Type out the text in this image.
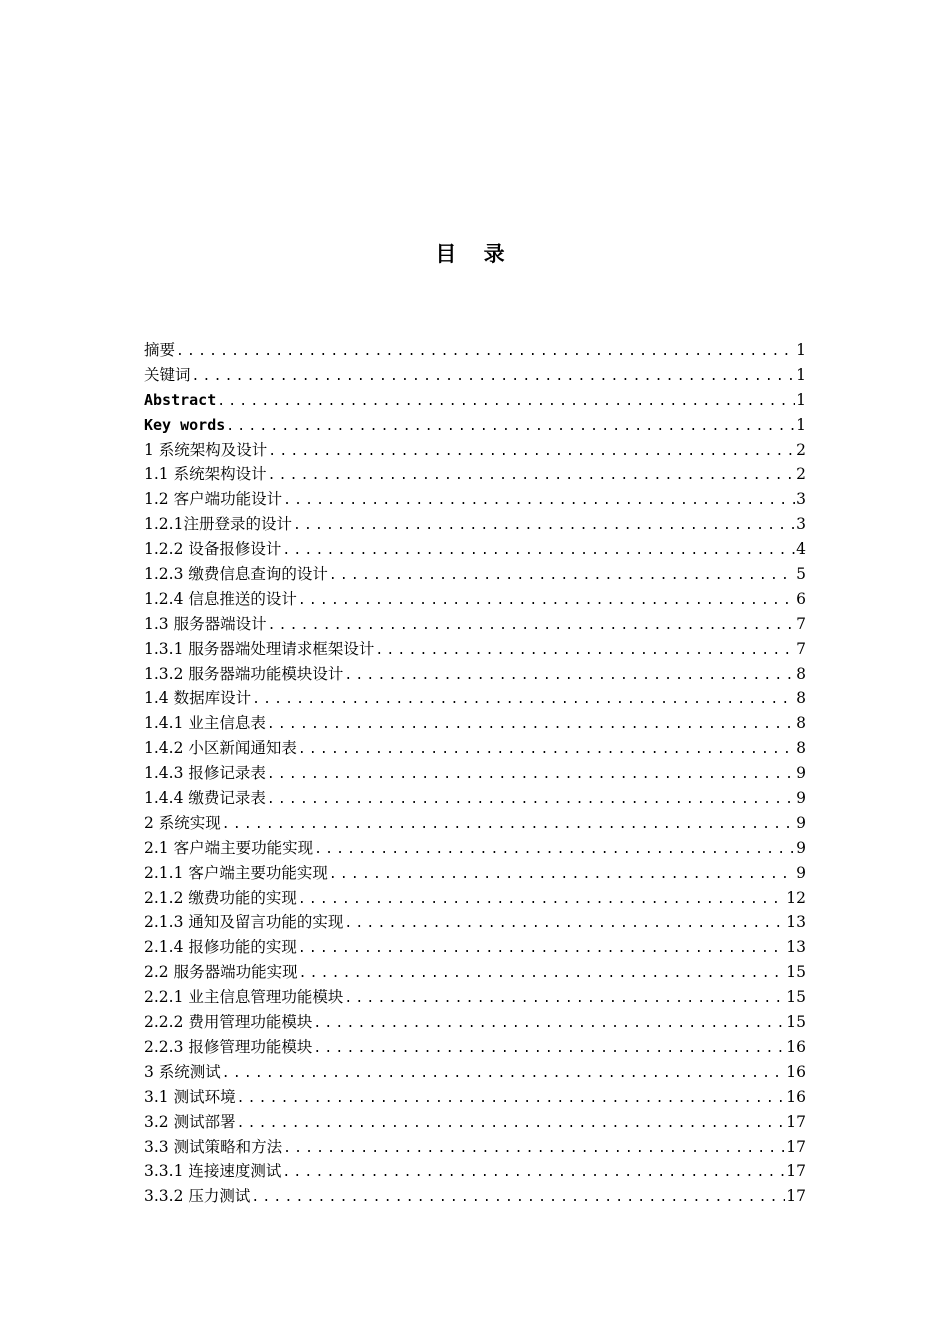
目 录
摘要 .....	1
关键词 .....	1
Abstract .....	1
Key words .....	1
1 系统架构及设计 .....	2
1.1 系统架构设计 .....	2
1.2 客户端功能设计 .....	3
1.2.1注册登录的设计 .....	3
1.2.2 设备报修设计 .....	4
1.2.3 缴费信息查询的设计 .....	5
1.2.4 信息推送的设计 .....	6
1.3 服务器端设计 .....	7
1.3.1 服务器端处理请求框架设计 .....	7
1.3.2 服务器端功能模块设计 .....	8
1.4 数据库设计 .....	8
1.4.1 业主信息表 .....	8
1.4.2 小区新闻通知表 .....	8
1.4.3 报修记录表 .....	9
1.4.4 缴费记录表 .....	9
2 系统实现 .....	9
2.1 客户端主要功能实现 .....	9
2.1.1 客户端主要功能实现 .....	9
2.1.2 缴费功能的实现 .....	12
2.1.3 通知及留言功能的实现 .....	13
2.1.4 报修功能的实现 .....	13
2.2 服务器端功能实现 .....	15
2.2.1 业主信息管理功能模块 .....	15
2.2.2 费用管理功能模块 .....	15
2.2.3 报修管理功能模块 .....	16
3 系统测试 .....	16
3.1 测试环境 .....	16
3.2 测试部署 .....	17
3.3 测试策略和方法 .....	17
3.3.1 连接速度测试 .....	17
3.3.2 压力测试 .....	17
